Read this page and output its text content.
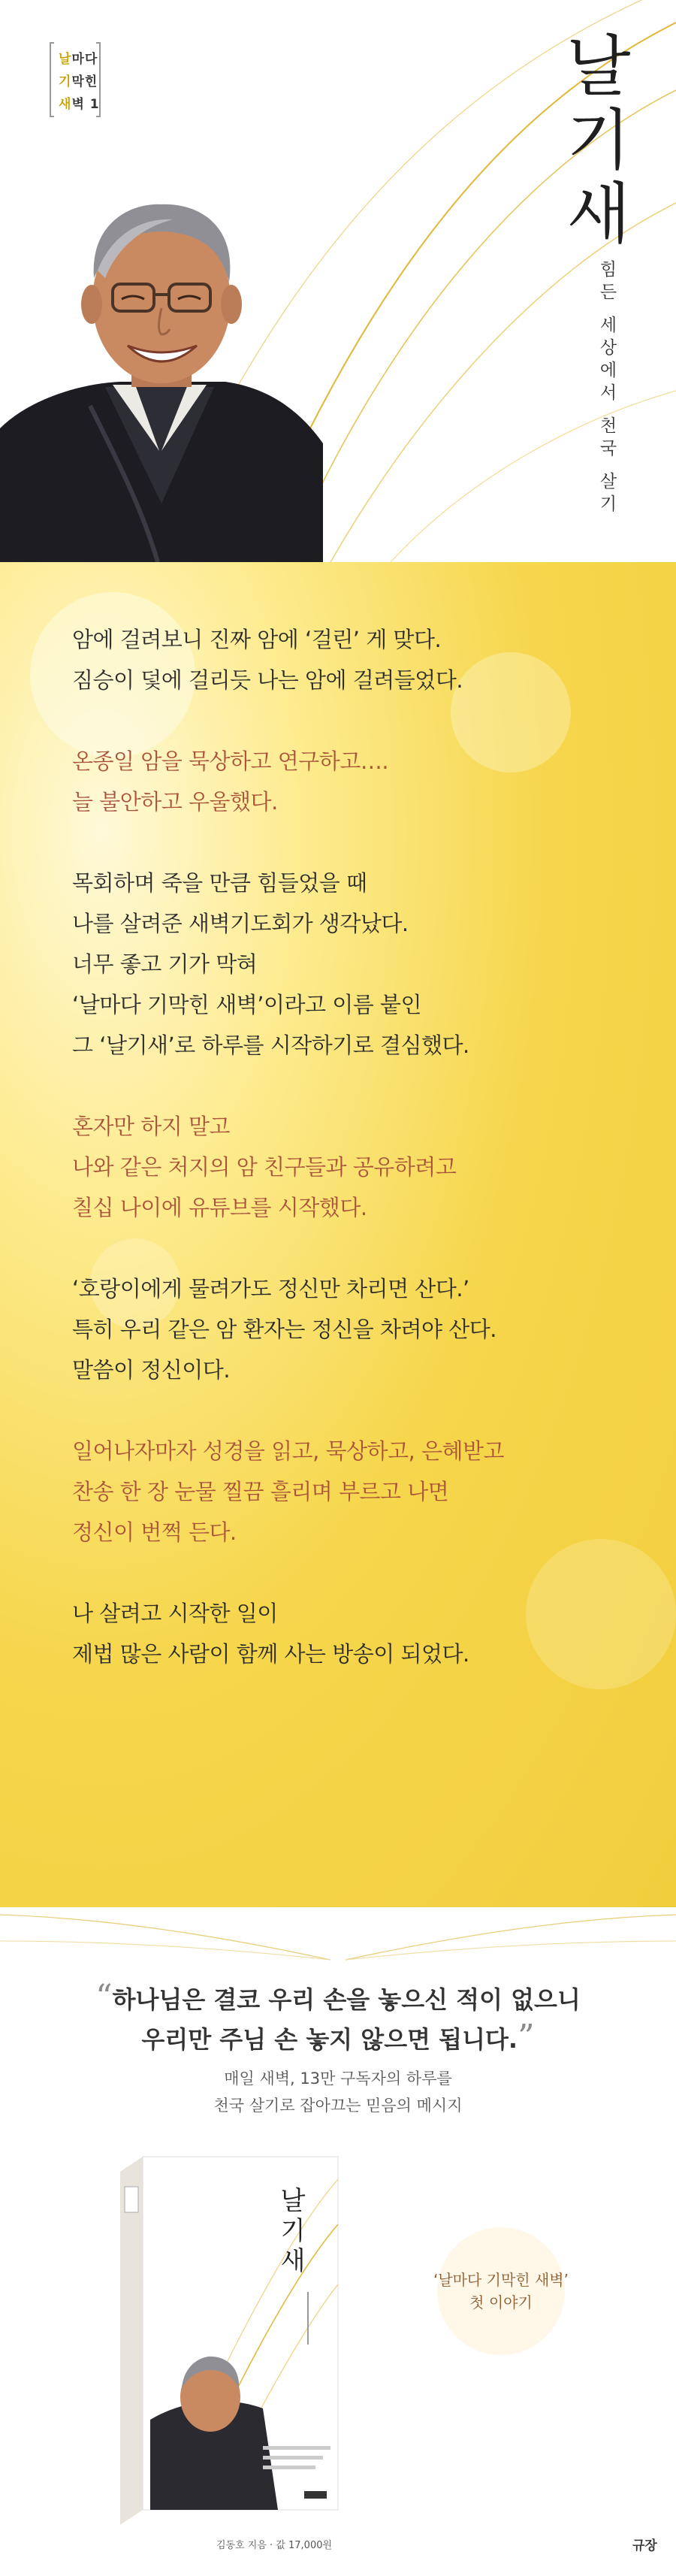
날마다
기막힌
새벽 1	날
기
새
힘
든
세
상
에
서
천
국
살
기

암에 걸려보니 진짜 암에 ‘걸린’ 게 맞다.

짐승이 덫에 걸리듯 나는 암에 걸려들었다.

온종일 암을 묵상하고 연구하고….

늘 불안하고 우울했다.

목회하며 죽을 만큼 힘들었을 때

나를 살려준 새벽기도회가 생각났다.

너무 좋고 기가 막혀

‘날마다 기막힌 새벽’이라고 이름 붙인

그 ‘날기새’로 하루를 시작하기로 결심했다.

혼자만 하지 말고

나와 같은 처지의 암 친구들과 공유하려고

칠십 나이에 유튜브를 시작했다.

‘호랑이에게 물려가도 정신만 차리면 산다.’

특히 우리 같은 암 환자는 정신을 차려야 산다.

말씀이 정신이다.

일어나자마자 성경을 읽고, 묵상하고, 은혜받고

찬송 한 장 눈물 찔끔 흘리며 부르고 나면

정신이 번쩍 든다.

나 살려고 시작한 일이

제법 많은 사람이 함께 사는 방송이 되었다.

“하나님은 결코 우리 손을 놓으신 적이 없으니
우리만 주님 손 놓지 않으면 됩니다.”
매일 새벽, 13만 구독자의 하루를
천국 살기로 잡아끄는 믿음의 메시지
날
기
새
‘날마다 기막힌 새벽’
첫 이야기
김동호 지음 · 값 17,000원	규장
